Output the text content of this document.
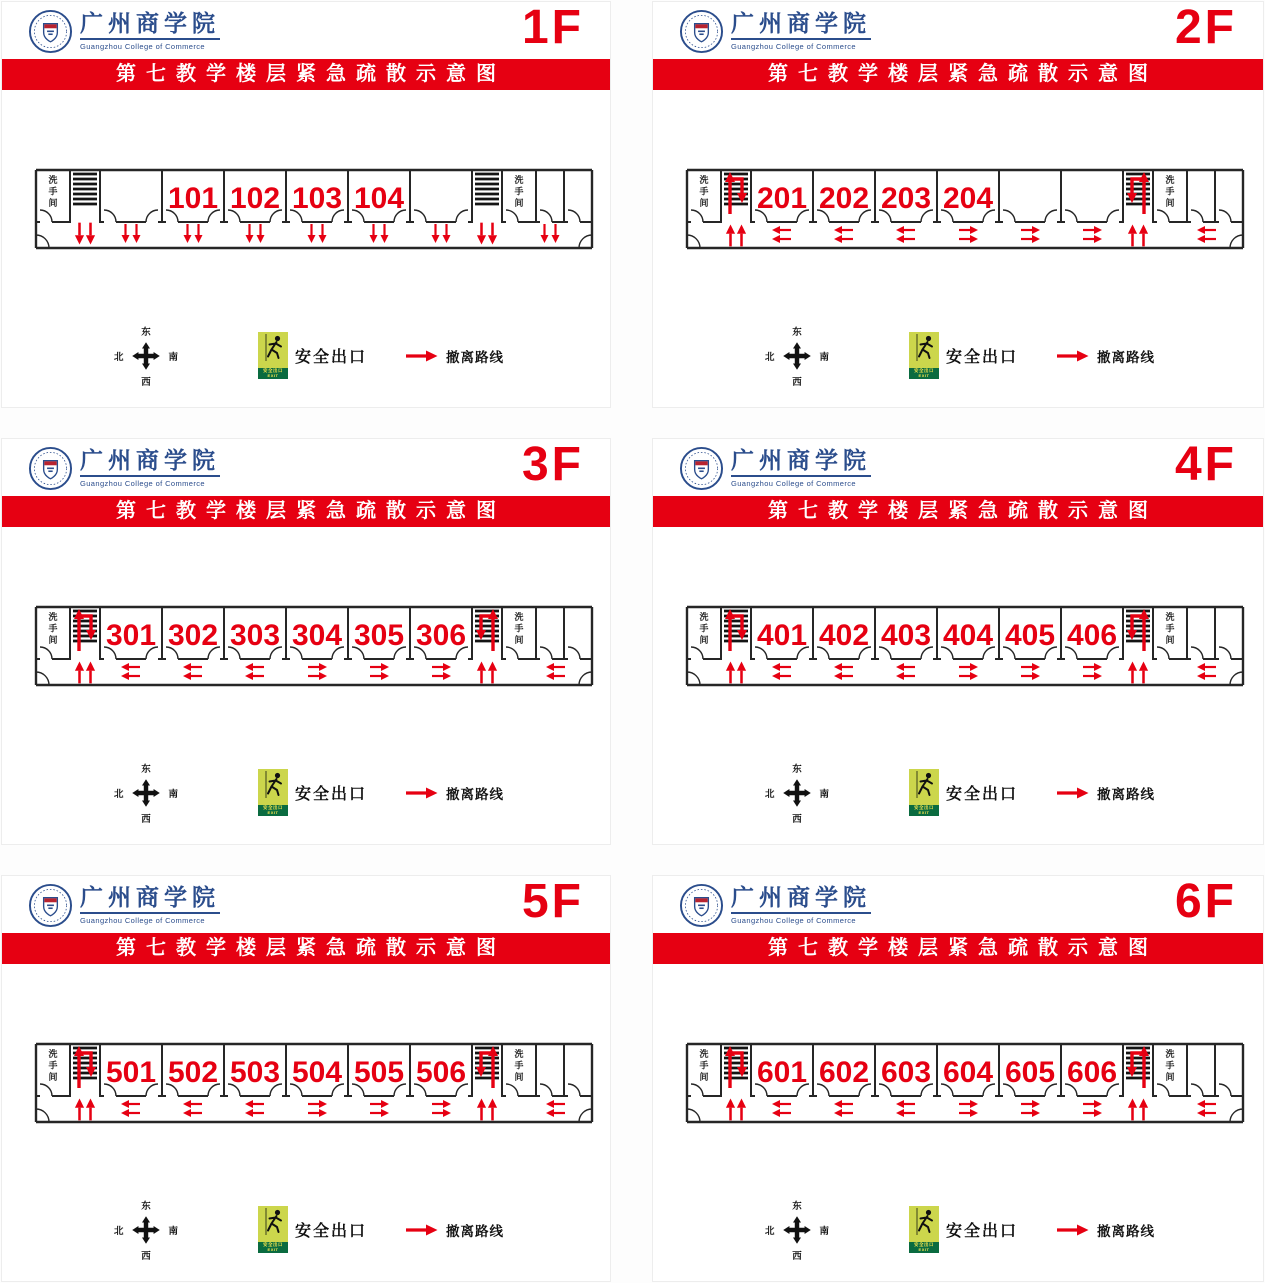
广州商学院
Guangzhou College of Commerce	1F
第七教学楼层紧急疏散示意图
洗手间
洗手间
101 102 103 104
东
北	南
西
安全出口
EXIT
安全出口	撤离路线
广州商学院
Guangzhou College of Commerce	2F
第七教学楼层紧急疏散示意图
洗手间
洗手间
201 202 203 204
东
北	南
西
安全出口
EXIT
安全出口	撤离路线
广州商学院
Guangzhou College of Commerce	3F
第七教学楼层紧急疏散示意图
洗手间
洗手间
301 302 303 304 305 306
东
北	南
西
安全出口
EXIT
安全出口	撤离路线
广州商学院
Guangzhou College of Commerce	4F
第七教学楼层紧急疏散示意图
洗手间
洗手间
401 402 403 404 405 406
东
北	南
西
安全出口
EXIT
安全出口	撤离路线
广州商学院
Guangzhou College of Commerce	5F
第七教学楼层紧急疏散示意图
洗手间
洗手间
501 502 503 504 505 506
东
北	南
西
安全出口
EXIT
安全出口	撤离路线
广州商学院
Guangzhou College of Commerce	6F
第七教学楼层紧急疏散示意图
洗手间
洗手间
601 602 603 604 605 606
东
北	南
西
安全出口
EXIT
安全出口	撤离路线
